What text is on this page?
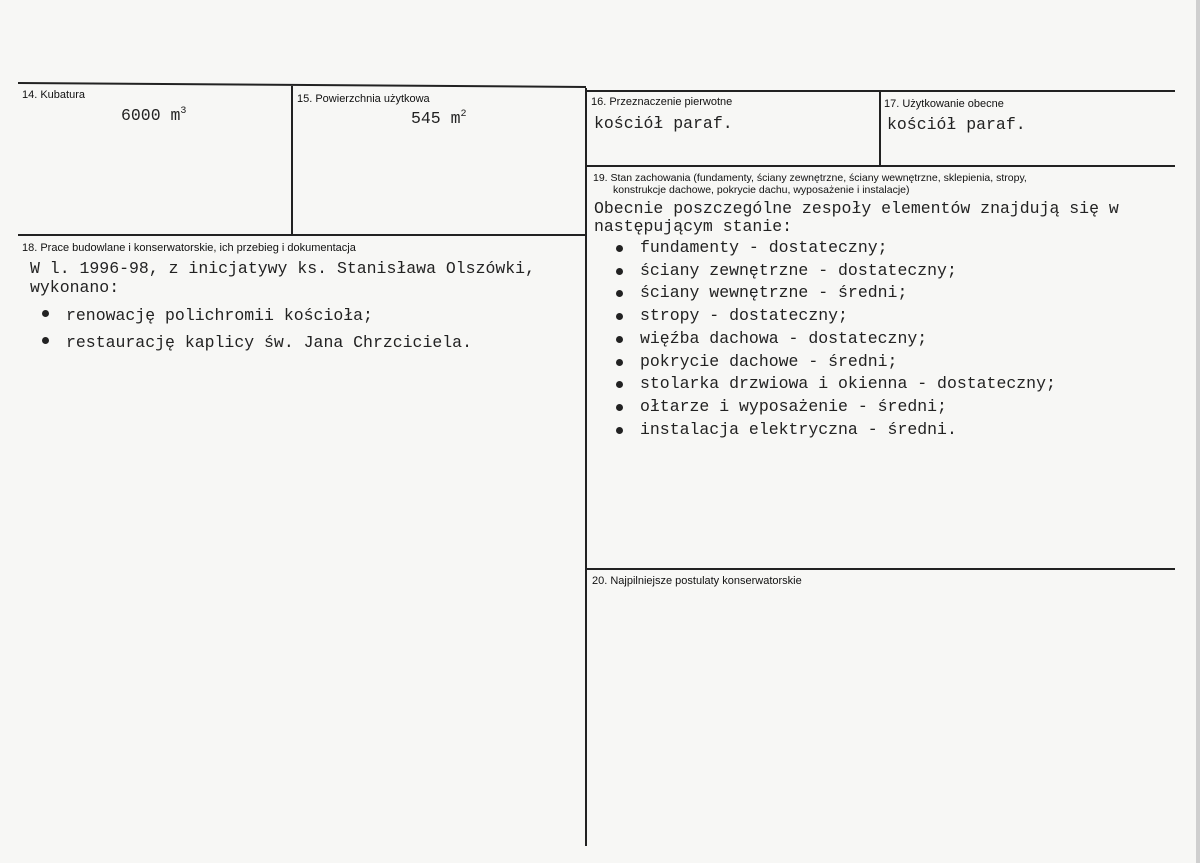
14. Kubatura
6000 $m^3$
15. Powierzchnia użytkowa
545 $m^2$
16. Przeznaczenie pierwotne
kościół paraf.
17. Użytkowanie obecne
kościół paraf.
18. Prace budowlane i konserwatorskie, ich przebieg i dokumentacja
W l. 1996-98, z inicjatywy ks. Stanisława Olszówki,
wykonano:
renowację polichromii kościoła;
restaurację kaplicy św. Jana Chrzciciela.
19. Stan zachowania (fundamenty, ściany zewnętrzne, ściany wewnętrzne, sklepienia, stropy,
konstrukcje dachowe, pokrycie dachu, wyposażenie i instalacje)
Obecnie poszczególne zespoły elementów znajdują się w
następującym stanie:
fundamenty - dostateczny;
ściany zewnętrzne - dostateczny;
ściany wewnętrzne - średni;
stropy - dostateczny;
więźba dachowa - dostateczny;
pokrycie dachowe - średni;
stolarka drzwiowa i okienna - dostateczny;
ołtarze i wyposażenie - średni;
instalacja elektryczna - średni.
20. Najpilniejsze postulaty konserwatorskie
